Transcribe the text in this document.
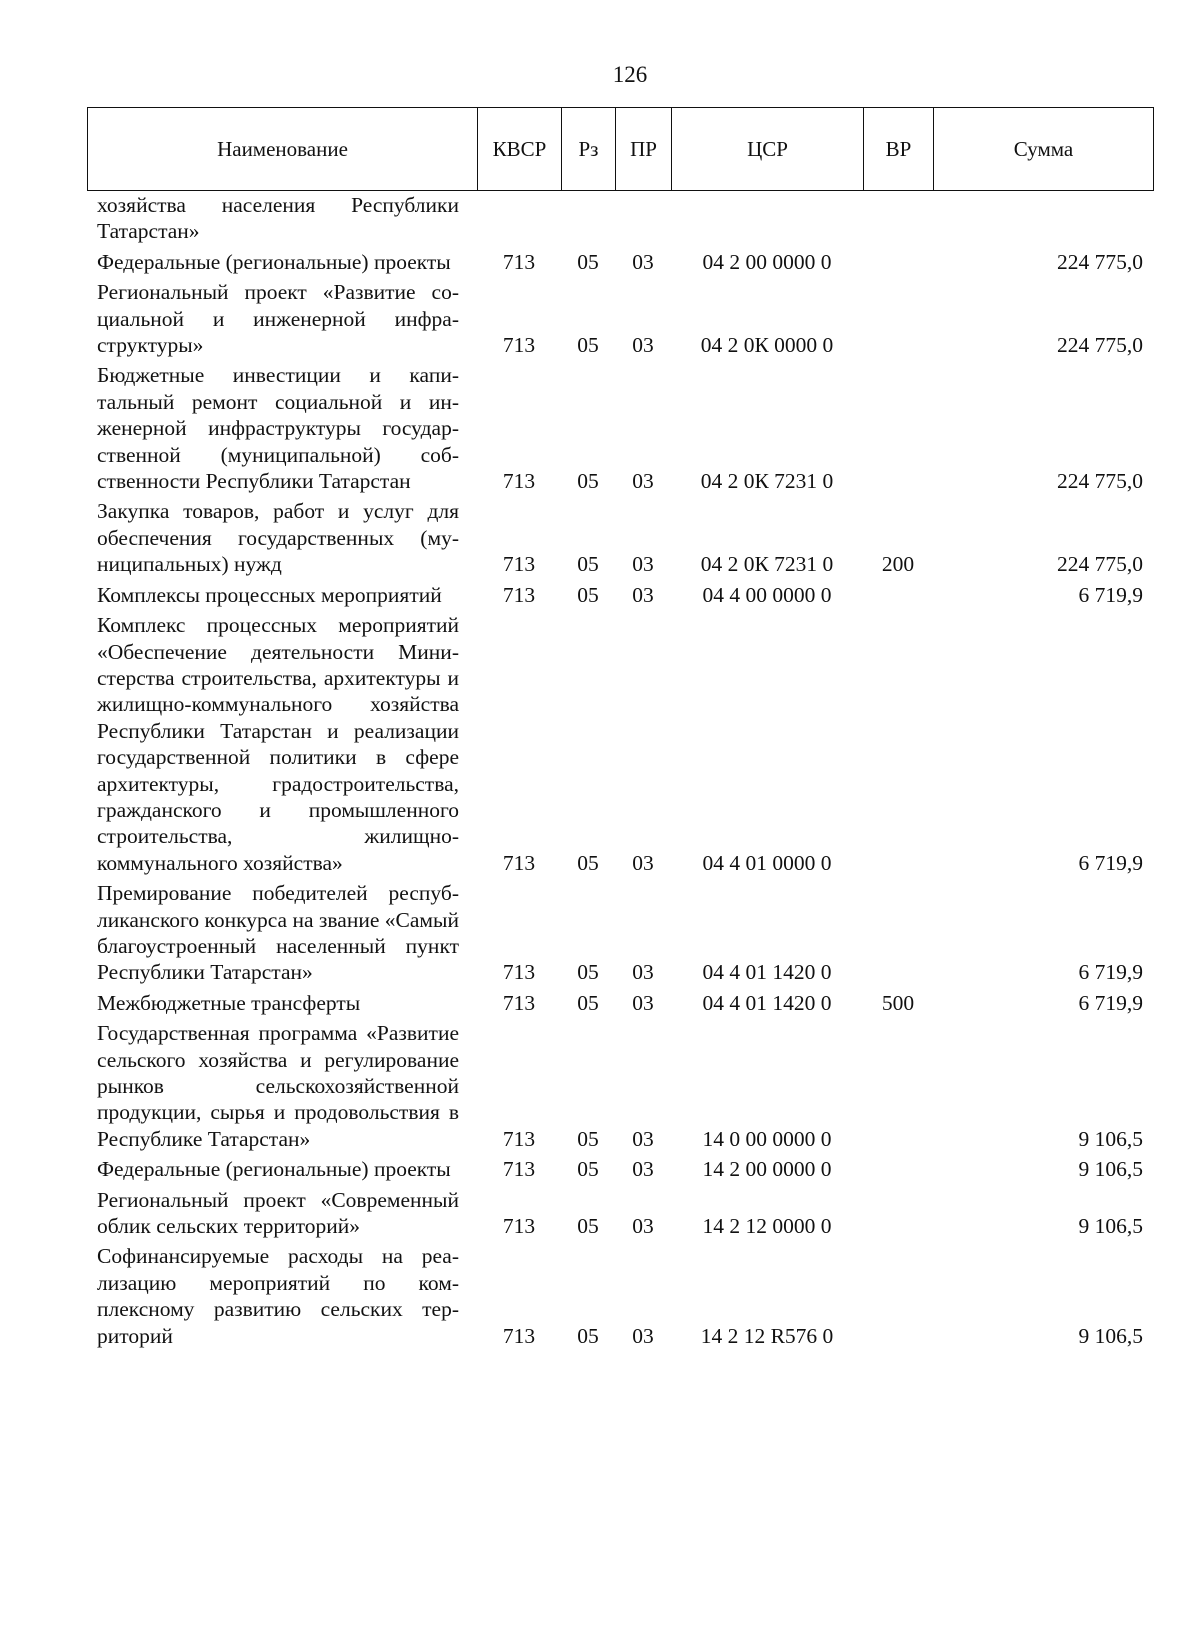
126
Наименование	КВСР	Рз	ПР	ЦСР	ВР	Сумма
хозяйства населения Республики Татарстан»						
Федеральные (региональные) проекты	713	05	03	04 2 00 0000 0		224 775,0
Региональный проект «Развитие социальной и инженерной инфраструктуры»	713	05	03	04 2 0К 0000 0		224 775,0
Бюджетные инвестиции и капитальный ремонт социальной и инженерной инфраструктуры государственной (муниципальной) собственности Республики Татарстан	713	05	03	04 2 0К 7231 0		224 775,0
Закупка товаров, работ и услуг для обеспечения государственных (муниципальных) нужд	713	05	03	04 2 0К 7231 0	200	224 775,0
Комплексы процессных мероприятий	713	05	03	04 4 00 0000 0		6 719,9
Комплекс процессных мероприятий «Обеспечение деятельности Министерства строительства, архитектуры и жилищно-коммунального хозяйства Республики Татарстан и реализации государственной политики в сфере архитектуры, градостроительства, гражданского и промышленного строительства, жилищно-коммунального хозяйства»	713	05	03	04 4 01 0000 0		6 719,9
Премирование победителей республиканского конкурса на звание «Самый благоустроенный населенный пункт Республики Татарстан»	713	05	03	04 4 01 1420 0		6 719,9
Межбюджетные трансферты	713	05	03	04 4 01 1420 0	500	6 719,9
Государственная программа «Развитие сельского хозяйства и регулирование рынков сельскохозяйственной продукции, сырья и продовольствия в Республике Татарстан»	713	05	03	14 0 00 0000 0		9 106,5
Федеральные (региональные) проекты	713	05	03	14 2 00 0000 0		9 106,5
Региональный проект «Современный облик сельских территорий»	713	05	03	14 2 12 0000 0		9 106,5
Софинансируемые расходы на реализацию мероприятий по комплексному развитию сельских территорий	713	05	03	14 2 12 R576 0		9 106,5
